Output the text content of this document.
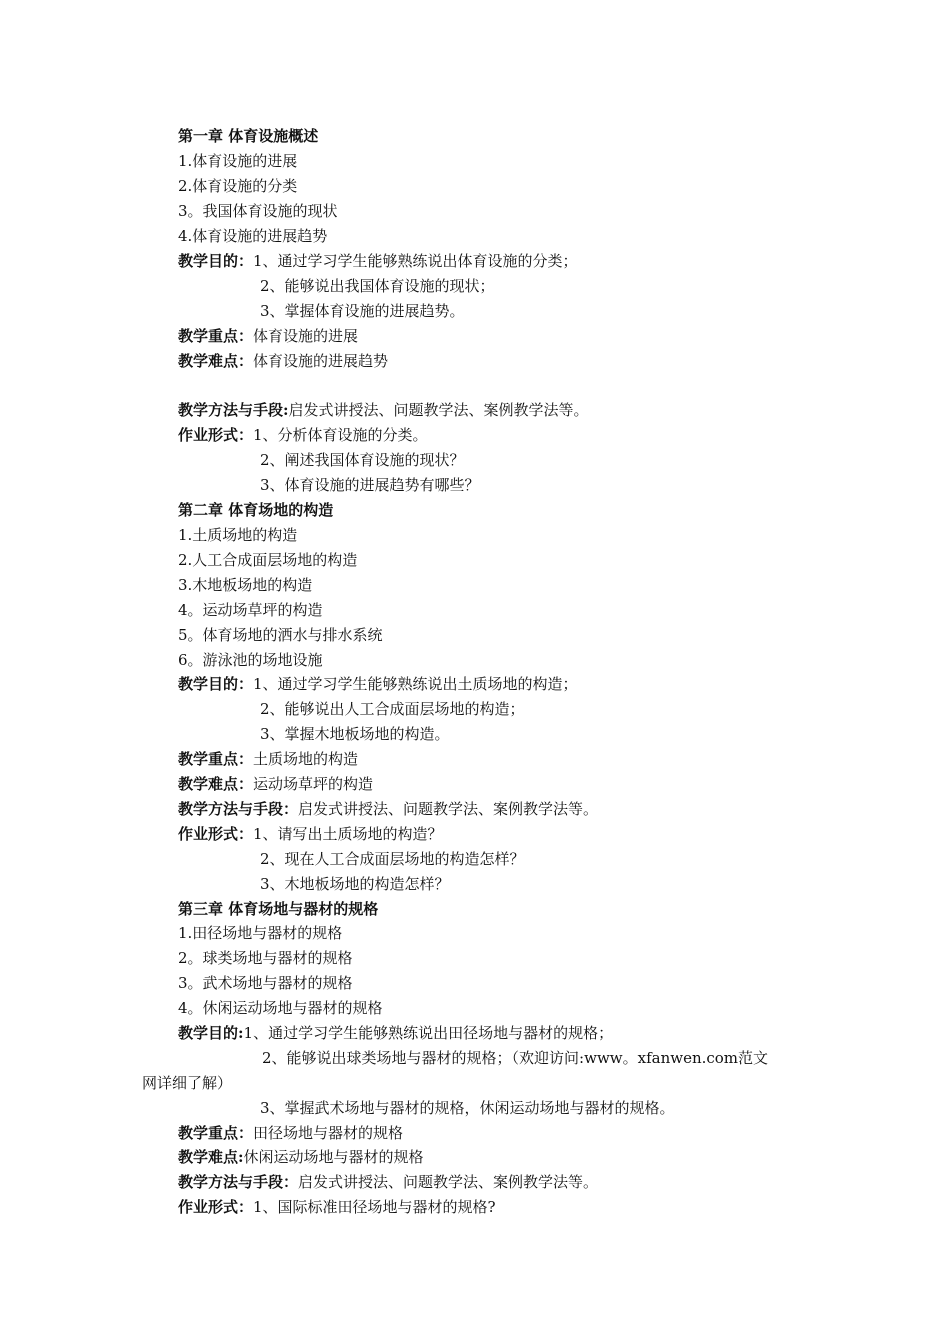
第一章 体育设施概述
1.体育设施的进展
2.体育设施的分类
3。我国体育设施的现状
4.体育设施的进展趋势
教学目的：1、通过学习学生能够熟练说出体育设施的分类；
2、能够说出我国体育设施的现状；
3、掌握体育设施的进展趋势。
教学重点：体育设施的进展
教学难点：体育设施的进展趋势
教学方法与手段:启发式讲授法、问题教学法、案例教学法等。
作业形式：1、分析体育设施的分类。
2、阐述我国体育设施的现状？
3、体育设施的进展趋势有哪些？
第二章 体育场地的构造
1.土质场地的构造
2.人工合成面层场地的构造
3.木地板场地的构造
4。运动场草坪的构造
5。体育场地的洒水与排水系统
6。游泳池的场地设施
教学目的：1、通过学习学生能够熟练说出土质场地的构造；
2、能够说出人工合成面层场地的构造；
3、掌握木地板场地的构造。
教学重点：土质场地的构造
教学难点：运动场草坪的构造
教学方法与手段：启发式讲授法、问题教学法、案例教学法等。
作业形式：1、请写出土质场地的构造？
2、现在人工合成面层场地的构造怎样？
3、木地板场地的构造怎样？
第三章 体育场地与器材的规格
1.田径场地与器材的规格
2。球类场地与器材的规格
3。武术场地与器材的规格
4。休闲运动场地与器材的规格
教学目的:1、通过学习学生能够熟练说出田径场地与器材的规格；
2、能够说出球类场地与器材的规格；（欢迎访问:www。xfanwen.com范文
网详细了解）
3、掌握武术场地与器材的规格，休闲运动场地与器材的规格。
教学重点：田径场地与器材的规格
教学难点:休闲运动场地与器材的规格
教学方法与手段：启发式讲授法、问题教学法、案例教学法等。
作业形式：1、国际标准田径场地与器材的规格?
